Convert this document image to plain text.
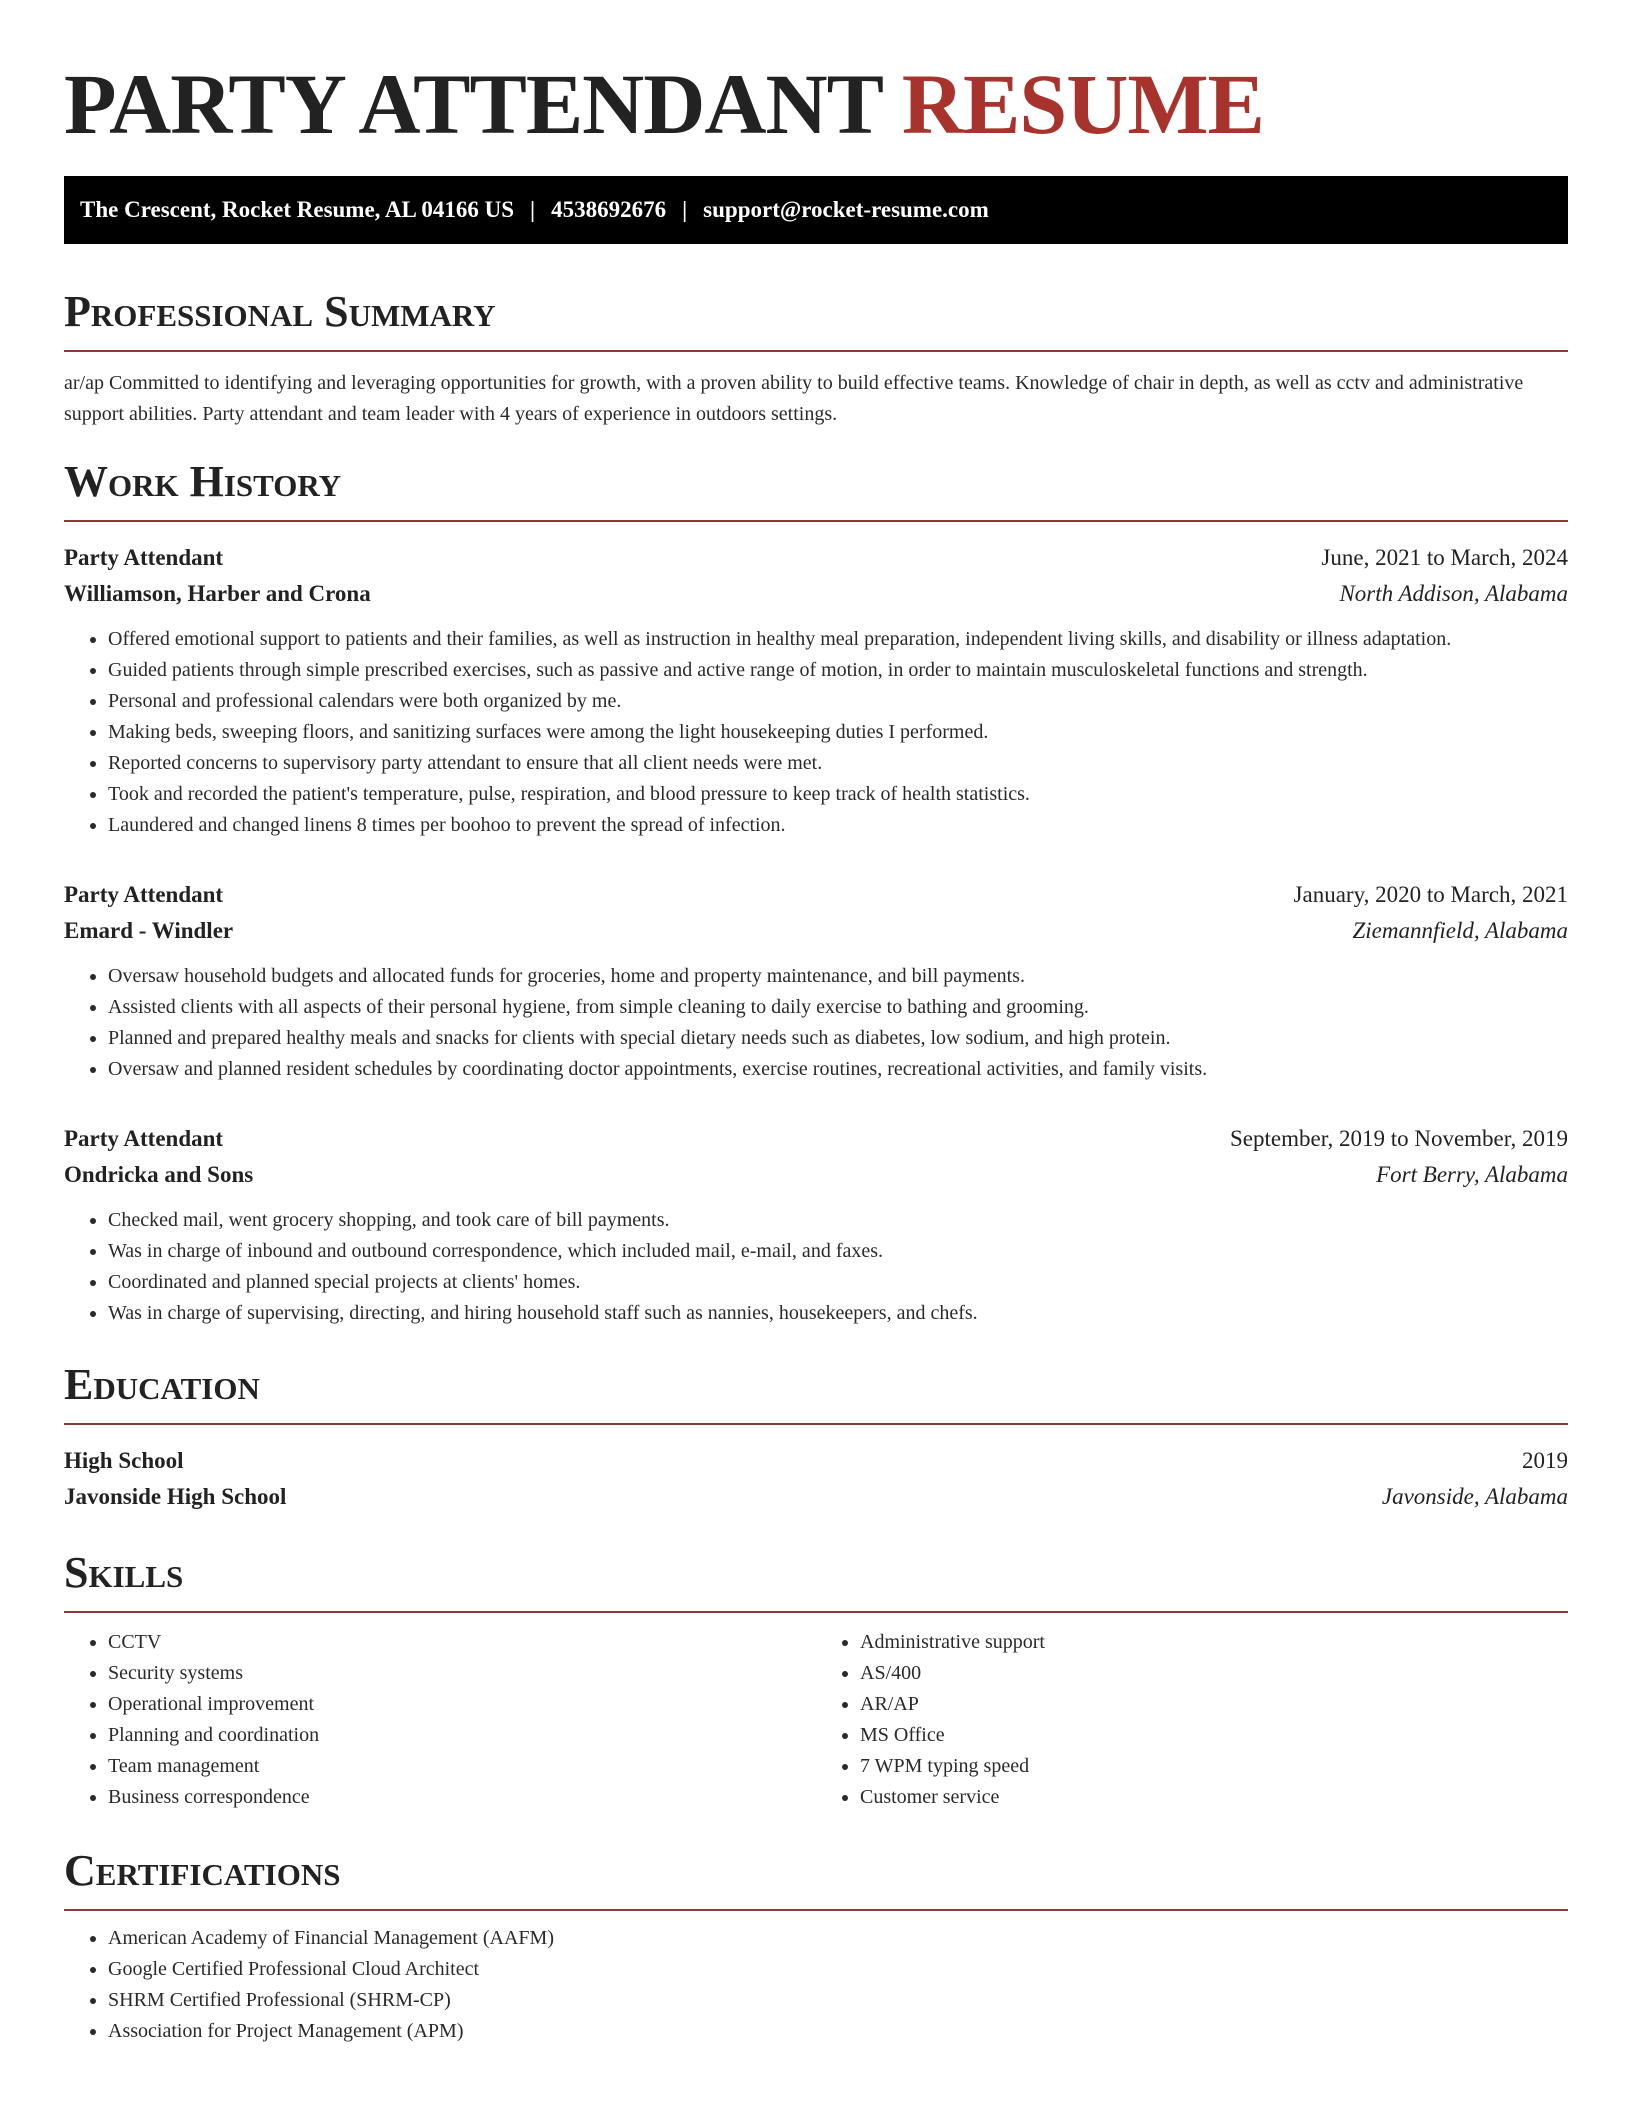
PARTY ATTENDANT RESUME
The Crescent, Rocket Resume, AL 04166 US | 4538692676 | support@rocket-resume.com
Professional Summary
ar/ap Committed to identifying and leveraging opportunities for growth, with a proven ability to build effective teams. Knowledge of chair in depth, as well as cctv and administrative support abilities. Party attendant and team leader with 4 years of experience in outdoors settings.
Work History
Party Attendant	June, 2021 to March, 2024
Williamson, Harber and Crona	North Addison, Alabama
• Offered emotional support to patients and their families, as well as instruction in healthy meal preparation, independent living skills, and disability or illness adaptation.
• Guided patients through simple prescribed exercises, such as passive and active range of motion, in order to maintain musculoskeletal functions and strength.
• Personal and professional calendars were both organized by me.
• Making beds, sweeping floors, and sanitizing surfaces were among the light housekeeping duties I performed.
• Reported concerns to supervisory party attendant to ensure that all client needs were met.
• Took and recorded the patient's temperature, pulse, respiration, and blood pressure to keep track of health statistics.
• Laundered and changed linens 8 times per boohoo to prevent the spread of infection.
Party Attendant	January, 2020 to March, 2021
Emard - Windler	Ziemannfield, Alabama
• Oversaw household budgets and allocated funds for groceries, home and property maintenance, and bill payments.
• Assisted clients with all aspects of their personal hygiene, from simple cleaning to daily exercise to bathing and grooming.
• Planned and prepared healthy meals and snacks for clients with special dietary needs such as diabetes, low sodium, and high protein.
• Oversaw and planned resident schedules by coordinating doctor appointments, exercise routines, recreational activities, and family visits.
Party Attendant	September, 2019 to November, 2019
Ondricka and Sons	Fort Berry, Alabama
• Checked mail, went grocery shopping, and took care of bill payments.
• Was in charge of inbound and outbound correspondence, which included mail, e-mail, and faxes.
• Coordinated and planned special projects at clients' homes.
• Was in charge of supervising, directing, and hiring household staff such as nannies, housekeepers, and chefs.
Education
High School	2019
Javonside High School	Javonside, Alabama
Skills
• CCTV
• Security systems
• Operational improvement
• Planning and coordination
• Team management
• Business correspondence
• Administrative support
• AS/400
• AR/AP
• MS Office
• 7 WPM typing speed
• Customer service
Certifications
• American Academy of Financial Management (AAFM)
• Google Certified Professional Cloud Architect
• SHRM Certified Professional (SHRM-CP)
• Association for Project Management (APM)
